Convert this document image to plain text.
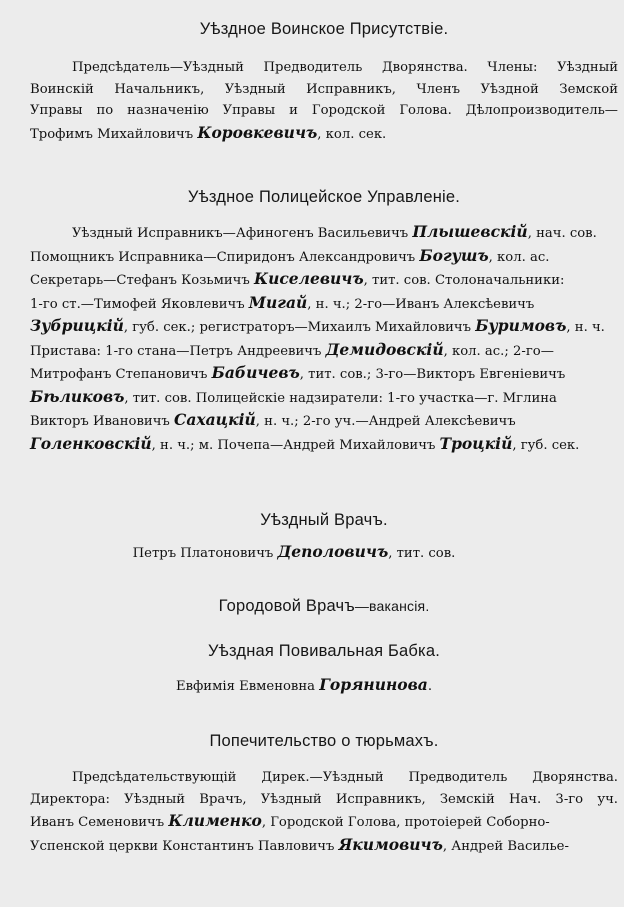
Уѣздное Воинское Присутствіе.
Предсѣдатель—Уѣздный Предводитель Дворянства. Члены: Уѣздный
Воинскій Начальникъ, Уѣздный Исправникъ, Членъ Уѣздной Земской
Управы по назначенію Управы и Городской Голова. Дѣлопроизводитель—
Трофимъ Михайловичъ Коровкевичъ, кол. сек.
Уѣздное Полицейское Управленіе.
Уѣздный Исправникъ—Афиногенъ Васильевичъ Плышевскій, нач. сов.
Помощникъ Исправника—Спиридонъ Александровичъ Богушъ, кол. ас.
Секретарь—Стефанъ Козьмичъ Киселевичъ, тит. сов. Столоначальники:
1-го ст.—Тимофей Яковлевичъ Мигай, н. ч.; 2-го—Иванъ Алексѣевичъ
Зубрицкій, губ. сек.; регистраторъ—Михаилъ Михайловичъ Буримовъ, н. ч.
Пристава: 1-го стана—Петръ Андреевичъ Демидовскій, кол. ас.; 2-го—
Митрофанъ Степановичъ Бабичевъ, тит. сов.; 3-го—Викторъ Евгеніевичъ
Бѣликовъ, тит. сов. Полицейскіе надзиратели: 1-го участка—г. Мглина
Викторъ Ивановичъ Сахацкій, н. ч.; 2-го уч.—Андрей Алексѣевичъ
Голенковскій, н. ч.; м. Почепа—Андрей Михайловичъ Троцкій, губ. сек.
Уѣздный Врачъ.
Петръ Платоновичъ Деполовичъ, тит. сов.
Городовой Врачъ—вакансія.
Уѣздная Повивальная Бабка.
Евфимія Евменовна Горянинова.
Попечительство о тюрьмахъ.
Предсѣдательствующій Дирек.—Уѣздный Предводитель Дворянства.
Директора: Уѣздный Врачъ, Уѣздный Исправникъ, Земскій Нач. 3-го уч.
Иванъ Семеновичъ Клименко, Городской Голова, протоіерей Соборно-
Успенской церкви Константинъ Павловичъ Якимовичъ, Андрей Василье-
